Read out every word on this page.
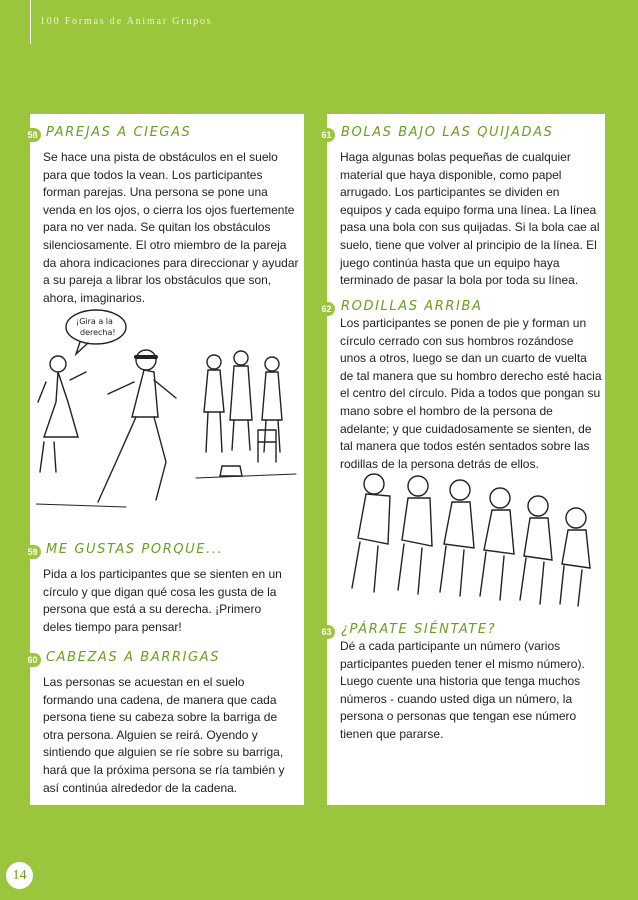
100 Formas de Animar Grupos
58 PAREJAS A CIEGAS
Se hace una pista de obstáculos en el suelo para que todos la vean. Los participantes forman parejas. Una persona se pone una venda en los ojos, o cierra los ojos fuertemente para no ver nada. Se quitan los obstáculos silenciosamente. El otro miembro de la pareja da ahora indicaciones para direccionar y ayudar a su pareja a librar los obstáculos que son, ahora, imaginarios.
¡Gira a la
derecha!
59 ME GUSTAS PORQUE...
Pida a los participantes que se sienten en un círculo y que digan qué cosa les gusta de la persona que está a su derecha. ¡Primero deles tiempo para pensar!
60 CABEZAS A BARRIGAS
Las personas se acuestan en el suelo formando una cadena, de manera que cada persona tiene su cabeza sobre la barriga de otra persona. Alguien se reirá. Oyendo y sintiendo que alguien se ríe sobre su barriga, hará que la próxima persona se ría también y así continúa alrededor de la cadena.
61 BOLAS BAJO LAS QUIJADAS
Haga algunas bolas pequeñas de cualquier material que haya disponible, como papel arrugado. Los participantes se dividen en equipos y cada equipo forma una línea. La línea pasa una bola con sus quijadas. Si la bola cae al suelo, tiene que volver al principio de la línea. El juego continúa hasta que un equipo haya terminado de pasar la bola por toda su línea.
62 RODILLAS ARRIBA
Los participantes se ponen de pie y forman un círculo cerrado con sus hombros rozándose unos a otros, luego se dan un cuarto de vuelta de tal manera que su hombro derecho esté hacia el centro del círculo. Pida a todos que pongan su mano sobre el hombro de la persona de adelante; y que cuidadosamente se sienten, de tal manera que todos estén sentados sobre las rodillas de la persona detrás de ellos.
63 ¿PÁRATE SIÉNTATE?
Dé a cada participante un número (varios participantes pueden tener el mismo número). Luego cuente una historia que tenga muchos números - cuando usted diga un número, la persona o personas que tengan ese número tienen que pararse.
14
